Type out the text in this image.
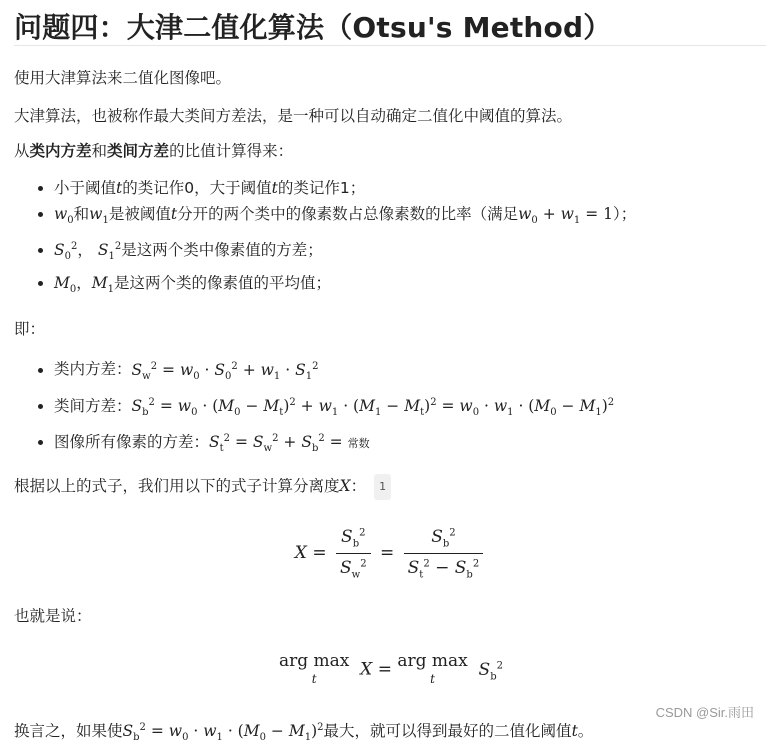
问题四：大津二值化算法（Otsu's Method）

使用大津算法来二值化图像吧。

大津算法，也被称作最大类间方差法，是一种可以自动确定二值化中阈值的算法。

从类内方差和类间方差的比值计算得来：

• 小于阈值t的类记作0，大于阈值t的类记作1；
• $w_0$和$w_1$是被阈值t分开的两个类中的像素数占总像素数的比率（满足$w_0 + w_1 = 1$）；
• $S_0^2$， $S_1^2$是这两个类中像素值的方差；
• $M_0$，$M_1$是这两个类的像素值的平均值；

即：

• 类内方差：$S_w^2 = w_0 \cdot S_0^2 + w_1 \cdot S_1^2$
• 类间方差：$S_b^2 = w_0 \cdot (M_0 - M_t)^2 + w_1 \cdot (M_1 - M_t)^2 = w_0 \cdot w_1 \cdot (M_0 - M_1)^2$
• 图像所有像素的方差：$S_t^2 = S_w^2 + S_b^2$ = 常数

根据以上的式子，我们用以下的式子计算分离度X： 1

$X = \frac{S_b^2}{S_w^2} = \frac{S_b^2}{S_t^2 - S_b^2}$

也就是说：

arg max
t	X = arg max
t	$S_b^2$

换言之，如果使$S_b^2 = w_0 \cdot w_1 \cdot (M_0 - M_1)^2$最大，就可以得到最好的二值化阈值t。

CSDN @Sir.雨田
